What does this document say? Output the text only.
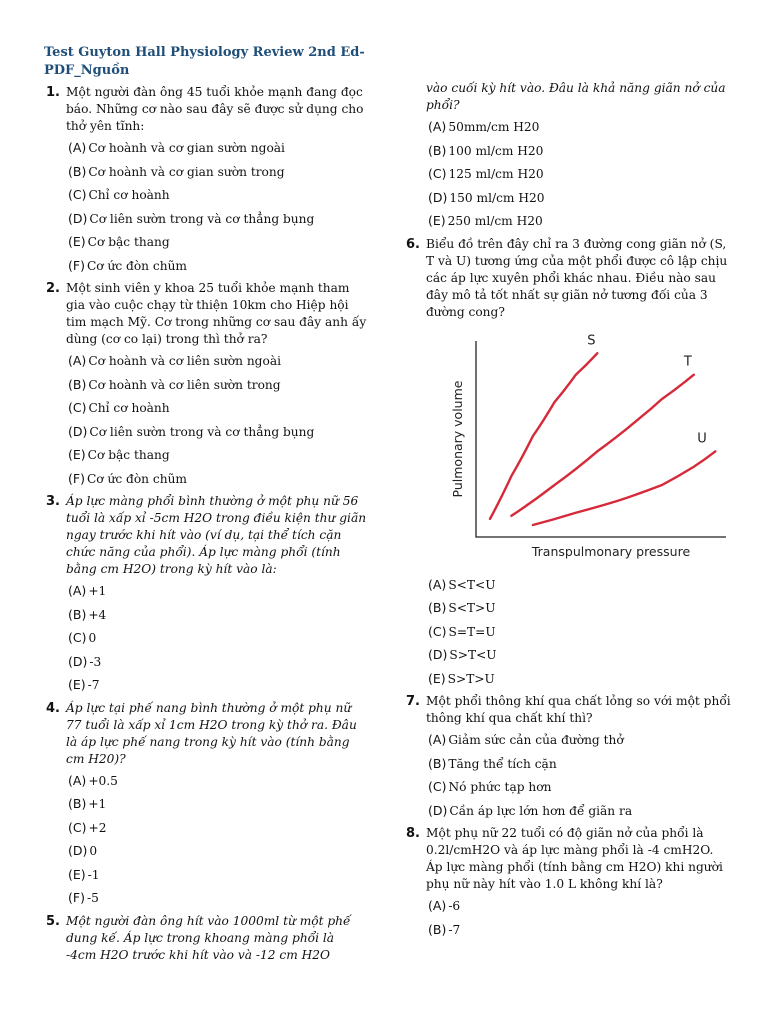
Test Guyton Hall Physiology Review 2nd Ed-PDF_Nguồn
1. Một người đàn ông 45 tuổi khỏe mạnh đang đọc báo. Những cơ nào sau đây sẽ được sử dụng cho thở yên tĩnh:
(A) Cơ hoành và cơ gian sườn ngoài
(B) Cơ hoành và cơ gian sườn trong
(C) Chỉ cơ hoành
(D) Cơ liên sườn trong và cơ thẳng bụng
(E) Cơ bậc thang
(F) Cơ ức đòn chũm
2. Một sinh viên y khoa 25 tuổi khỏe mạnh tham gia vào cuộc chạy từ thiện 10km cho Hiệp hội tim mạch Mỹ. Cơ trong những cơ sau đây anh ấy dùng (cơ co lại) trong thì thở ra?
(A) Cơ hoành và cơ liên sườn ngoài
(B) Cơ hoành và cơ liên sườn trong
(C) Chỉ cơ hoành
(D) Cơ liên sườn trong và cơ thẳng bụng
(E) Cơ bậc thang
(F) Cơ ức đòn chũm
3. Áp lực màng phổi bình thường ở một phụ nữ 56 tuổi là xấp xỉ -5cm H2O trong điều kiện thư giãn ngay trước khi hít vào (ví dụ, tại thể tích cặn chức năng của phổi). Áp lực màng phổi (tính bằng cm H2O) trong kỳ hít vào là:
(A) +1
(B) +4
(C) 0
(D) -3
(E) -7
4. Áp lực tại phế nang bình thường ở một phụ nữ 77 tuổi là xấp xỉ 1cm H2O trong kỳ thở ra. Đâu là áp lực phế nang trong kỳ hít vào (tính bằng cm H20)?
(A) +0.5
(B) +1
(C) +2
(D) 0
(E) -1
(F) -5
5. Một người đàn ông hít vào 1000ml từ một phế dung kế. Áp lực trong khoang màng phổi là -4cm H2O trước khi hít vào và -12 cm H2O
vào cuối kỳ hít vào. Đâu là khả năng giãn nở của phổi?
(A) 50mm/cm H20
(B) 100 ml/cm H20
(C) 125 ml/cm H20
(D) 150 ml/cm H20
(E) 250 ml/cm H20
6. Biểu đồ trên đây chỉ ra 3 đường cong giãn nở (S, T và U) tương ứng của một phổi được cô lập chịu các áp lực xuyên phổi khác nhau. Điều nào sau đây mô tả tốt nhất sự giãn nở tương đối của 3 đường cong?
Pulmonary volume
Transpulmonary pressure
S
T
U
(A) S<T<U
(B) S<T>U
(C) S=T=U
(D) S>T<U
(E) S>T>U
7. Một phổi thông khí qua chất lỏng so với một phổi thông khí qua chất khí thì?
(A) Giảm sức cản của đường thở
(B) Tăng thể tích cặn
(C) Nó phức tạp hơn
(D) Cần áp lực lớn hơn để giãn ra
8. Một phụ nữ 22 tuổi có độ giãn nở của phổi là 0.2l/cmH2O và áp lực màng phổi là -4 cmH2O. Áp lực màng phổi (tính bằng cm H2O) khi người phụ nữ này hít vào 1.0 L không khí là?
(A) -6
(B) -7
